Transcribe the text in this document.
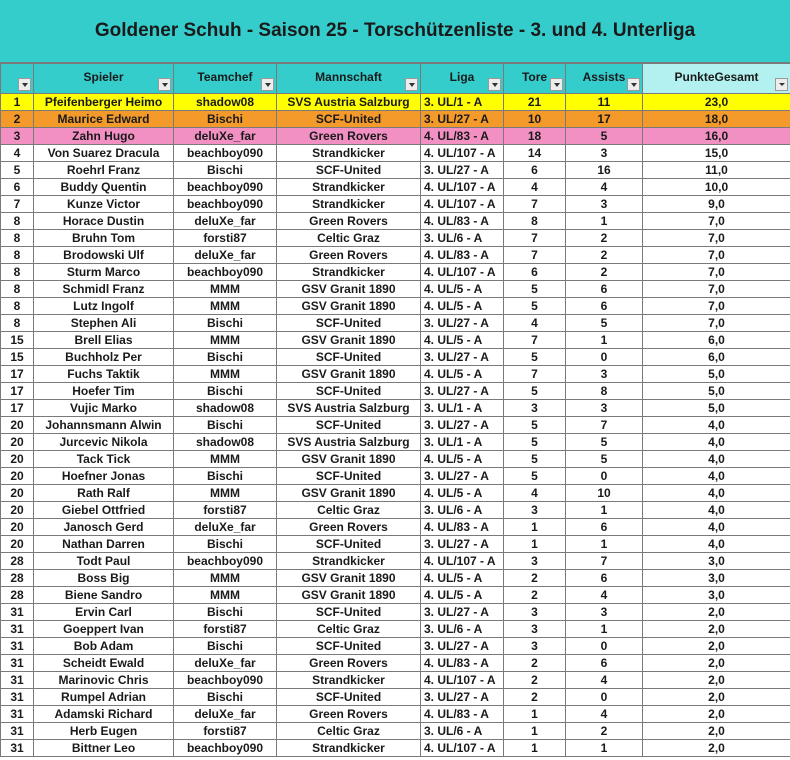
Goldener Schuh - Saison 25 - Torschützenliste - 3. und 4. Unterliga

	Spieler	Teamchef	Mannschaft	Liga	Tore	Assists	PunkteGesamt

1	Pfeifenberger Heimo	shadow08	SVS Austria Salzburg	3. UL/1 - A	21	11	23,0
2	Maurice Edward	Bischi	SCF-United	3. UL/27 - A	10	17	18,0
3	Zahn Hugo	deluXe_far	Green Rovers	4. UL/83 - A	18	5	16,0
4	Von Suarez Dracula	beachboy090	Strandkicker	4. UL/107 - A	14	3	15,0
5	Roehrl Franz	Bischi	SCF-United	3. UL/27 - A	6	16	11,0
6	Buddy Quentin	beachboy090	Strandkicker	4. UL/107 - A	4	4	10,0
7	Kunze Victor	beachboy090	Strandkicker	4. UL/107 - A	7	3	9,0
8	Horace Dustin	deluXe_far	Green Rovers	4. UL/83 - A	8	1	7,0
8	Bruhn Tom	forsti87	Celtic Graz	3. UL/6 - A	7	2	7,0
8	Brodowski Ulf	deluXe_far	Green Rovers	4. UL/83 - A	7	2	7,0
8	Sturm Marco	beachboy090	Strandkicker	4. UL/107 - A	6	2	7,0
8	Schmidl Franz	MMM	GSV Granit 1890	4. UL/5 - A	5	6	7,0
8	Lutz Ingolf	MMM	GSV Granit 1890	4. UL/5 - A	5	6	7,0
8	Stephen Ali	Bischi	SCF-United	3. UL/27 - A	4	5	7,0
15	Brell Elias	MMM	GSV Granit 1890	4. UL/5 - A	7	1	6,0
15	Buchholz Per	Bischi	SCF-United	3. UL/27 - A	5	0	6,0
17	Fuchs Taktik	MMM	GSV Granit 1890	4. UL/5 - A	7	3	5,0
17	Hoefer Tim	Bischi	SCF-United	3. UL/27 - A	5	8	5,0
17	Vujic Marko	shadow08	SVS Austria Salzburg	3. UL/1 - A	3	3	5,0
20	Johannsmann Alwin	Bischi	SCF-United	3. UL/27 - A	5	7	4,0
20	Jurcevic Nikola	shadow08	SVS Austria Salzburg	3. UL/1 - A	5	5	4,0
20	Tack Tick	MMM	GSV Granit 1890	4. UL/5 - A	5	5	4,0
20	Hoefner Jonas	Bischi	SCF-United	3. UL/27 - A	5	0	4,0
20	Rath Ralf	MMM	GSV Granit 1890	4. UL/5 - A	4	10	4,0
20	Giebel Ottfried	forsti87	Celtic Graz	3. UL/6 - A	3	1	4,0
20	Janosch Gerd	deluXe_far	Green Rovers	4. UL/83 - A	1	6	4,0
20	Nathan Darren	Bischi	SCF-United	3. UL/27 - A	1	1	4,0
28	Todt Paul	beachboy090	Strandkicker	4. UL/107 - A	3	7	3,0
28	Boss Big	MMM	GSV Granit 1890	4. UL/5 - A	2	6	3,0
28	Biene Sandro	MMM	GSV Granit 1890	4. UL/5 - A	2	4	3,0
31	Ervin Carl	Bischi	SCF-United	3. UL/27 - A	3	3	2,0
31	Goeppert Ivan	forsti87	Celtic Graz	3. UL/6 - A	3	1	2,0
31	Bob Adam	Bischi	SCF-United	3. UL/27 - A	3	0	2,0
31	Scheidt Ewald	deluXe_far	Green Rovers	4. UL/83 - A	2	6	2,0
31	Marinovic Chris	beachboy090	Strandkicker	4. UL/107 - A	2	4	2,0
31	Rumpel Adrian	Bischi	SCF-United	3. UL/27 - A	2	0	2,0
31	Adamski Richard	deluXe_far	Green Rovers	4. UL/83 - A	1	4	2,0
31	Herb Eugen	forsti87	Celtic Graz	3. UL/6 - A	1	2	2,0
31	Bittner Leo	beachboy090	Strandkicker	4. UL/107 - A	1	1	2,0
